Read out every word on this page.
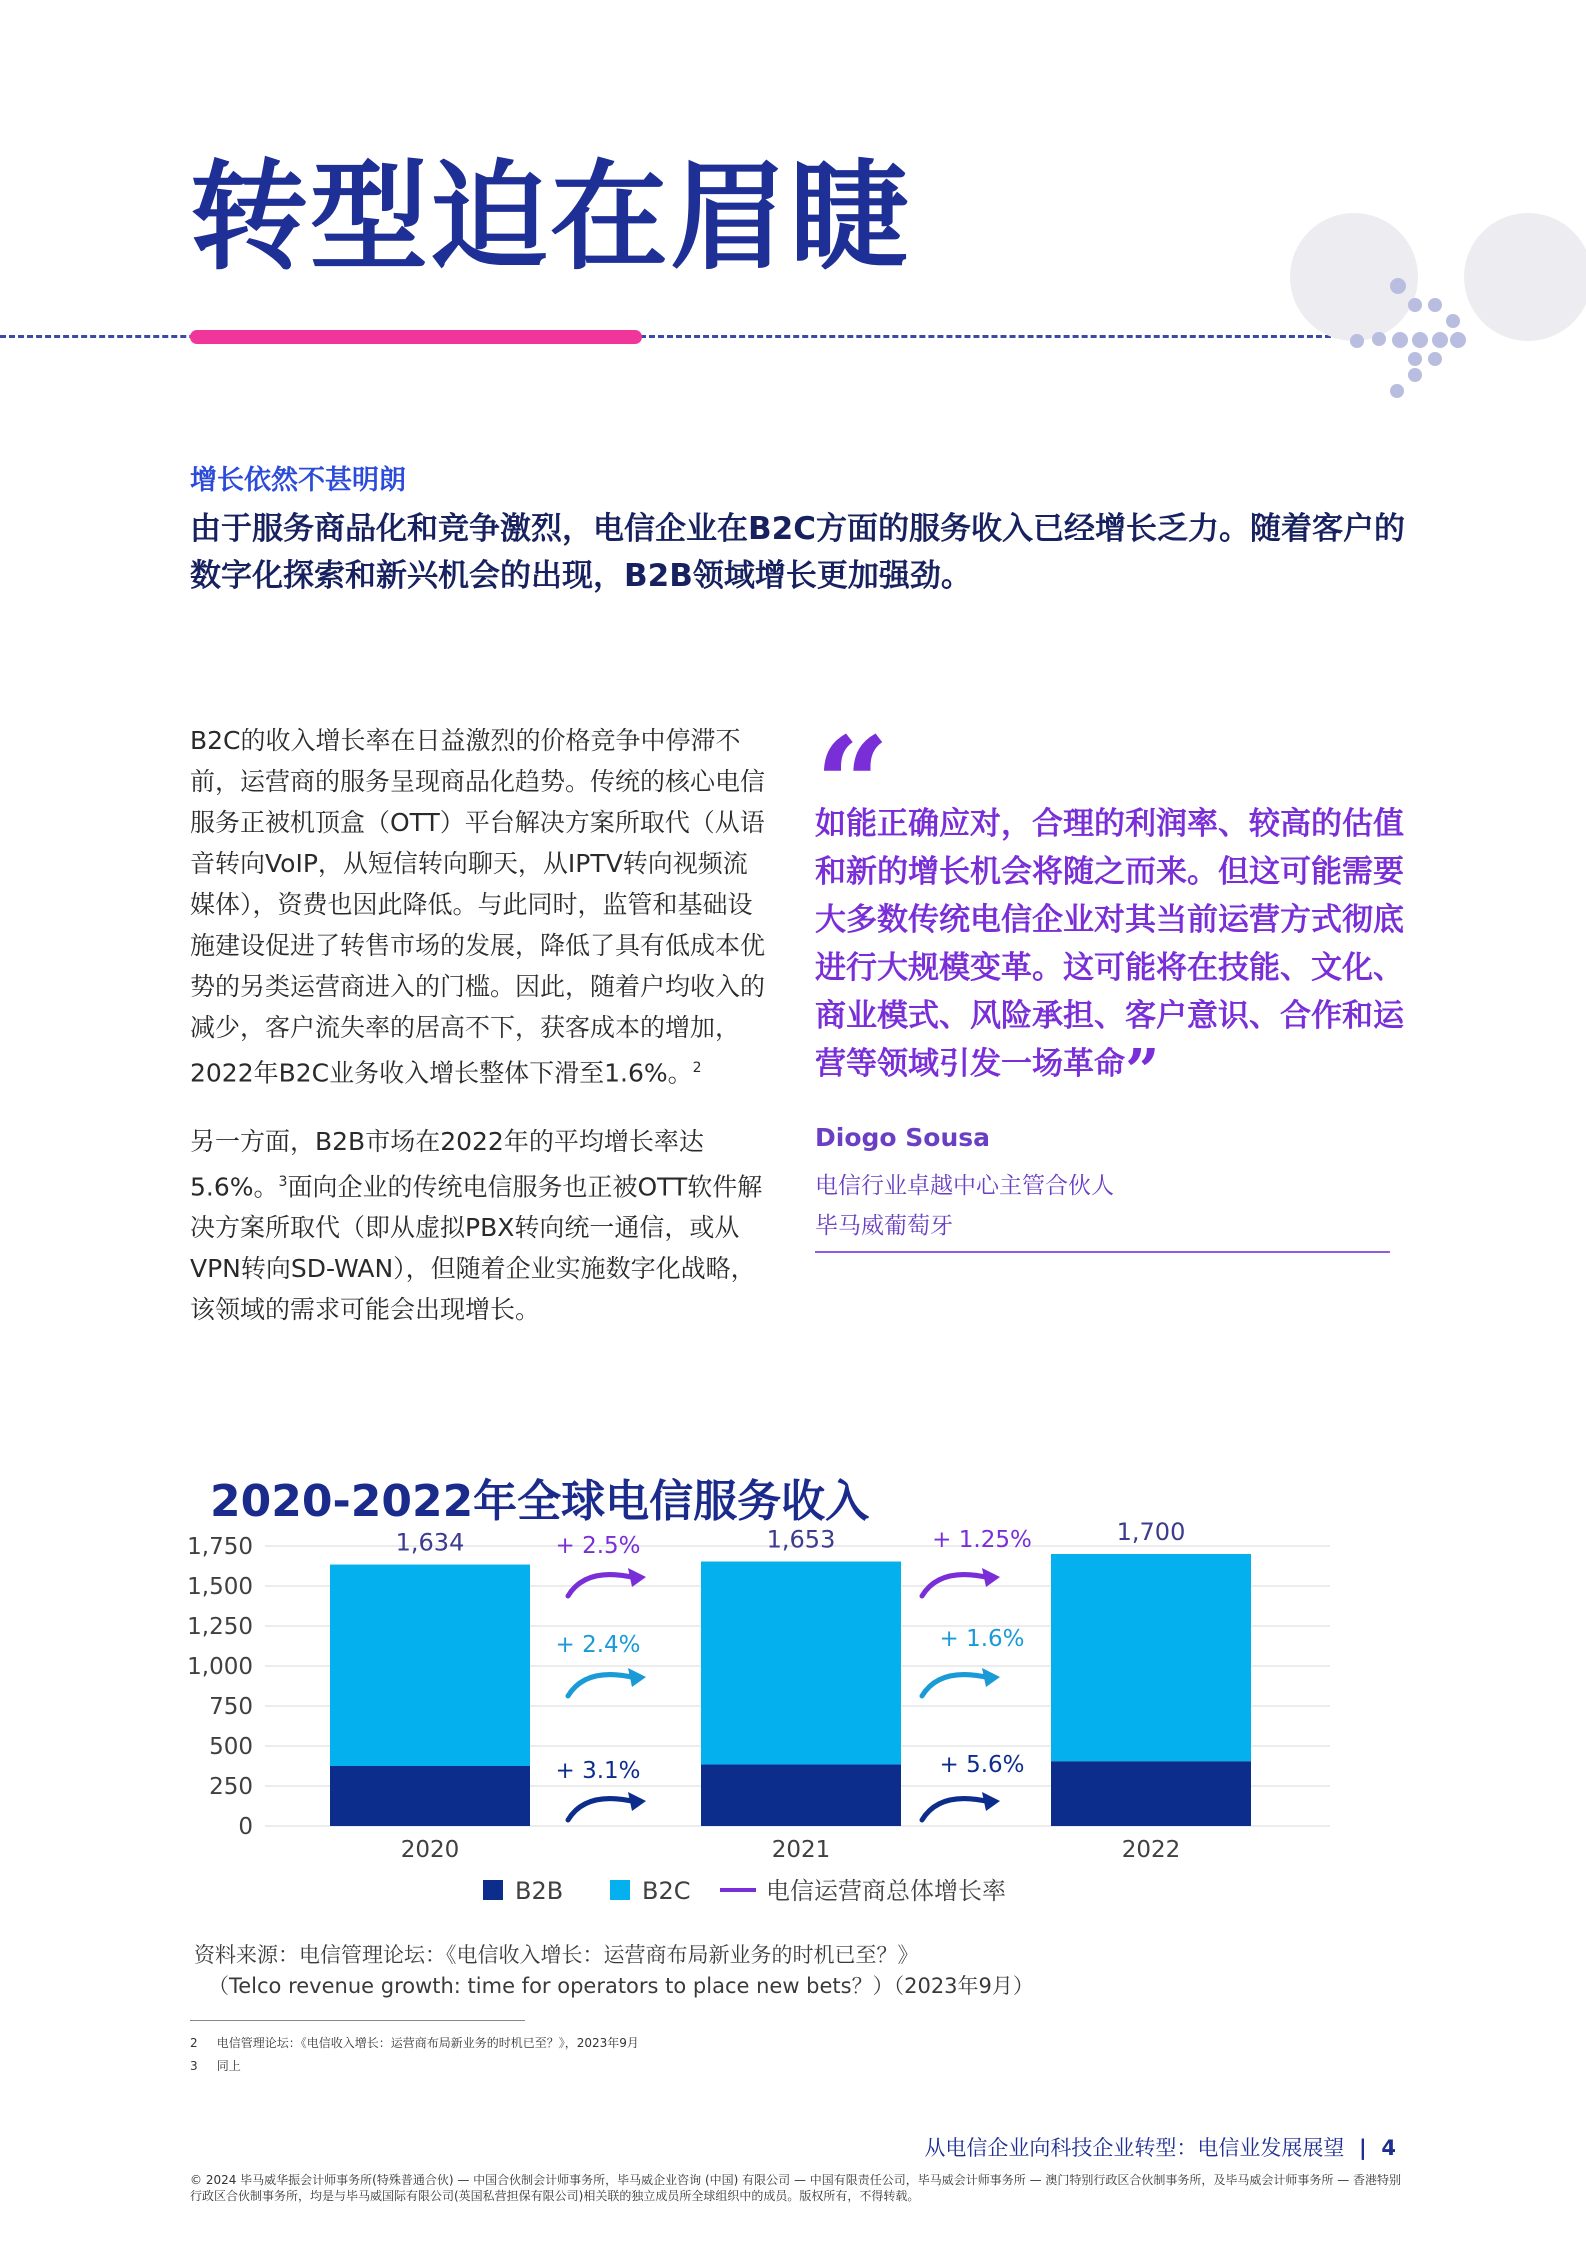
转型迫在眉睫
增长依然不甚明朗
由于服务商品化和竞争激烈，电信企业在B2C方面的服务收入已经增长乏力。随着客户的数字化探索和新兴机会的出现，B2B领域增长更加强劲。

B2C的收入增长率在日益激烈的价格竞争中停滞不前，运营商的服务呈现商品化趋势。传统的核心电信服务正被机顶盒（OTT）平台解决方案所取代（从语音转向VoIP，从短信转向聊天，从IPTV转向视频流媒体），资费也因此降低。与此同时，监管和基础设施建设促进了转售市场的发展，降低了具有低成本优势的另类运营商进入的门槛。因此，随着户均收入的减少，客户流失率的居高不下，获客成本的增加，2022年B2C业务收入增长整体下滑至1.6%。$^2$

另一方面，B2B市场在2022年的平均增长率达5.6%。$^3$面向企业的传统电信服务也正被OTT软件解决方案所取代（即从虚拟PBX转向统一通信，或从VPN转向SD-WAN），但随着企业实施数字化战略，该领域的需求可能会出现增长。

“
如能正确应对，合理的利润率、较高的估值和新的增长机会将随之而来。但这可能需要大多数传统电信企业对其当前运营方式彻底进行大规模变革。这可能将在技能、文化、商业模式、风险承担、客户意识、合作和运营等领域引发一场革命”
Diogo Sousa
电信行业卓越中心主管合伙人
毕马威葡萄牙
2020-2022年全球电信服务收入
0
250
500
750
1,000
1,250
1,500
1,750	1,634
2020
1,653
2021
1,700
2022
+ 2.5%
+ 2.4%
+ 3.1%
+ 1.25%
+ 1.6%
+ 5.6%
B2B	B2C	电信运营商总体增长率
资料来源：电信管理论坛：《电信收入增长：运营商布局新业务的时机已至？》
（Telco revenue growth: time for operators to place new bets？）（2023年9月）
2 电信管理论坛：《电信收入增长：运营商布局新业务的时机已至？》，2023年9月
3 同上
从电信企业向科技企业转型：电信业发展展望 | 4
© 2024 毕马威华振会计师事务所(特殊普通合伙) — 中国合伙制会计师事务所，毕马威企业咨询 (中国) 有限公司 — 中国有限责任公司，毕马威会计师事务所 — 澳门特别行政区合伙制事务所，及毕马威会计师事务所 — 香港特别行政区合伙制事务所，均是与毕马威国际有限公司(英国私营担保有限公司)相关联的独立成员所全球组织中的成员。版权所有，不得转载。
